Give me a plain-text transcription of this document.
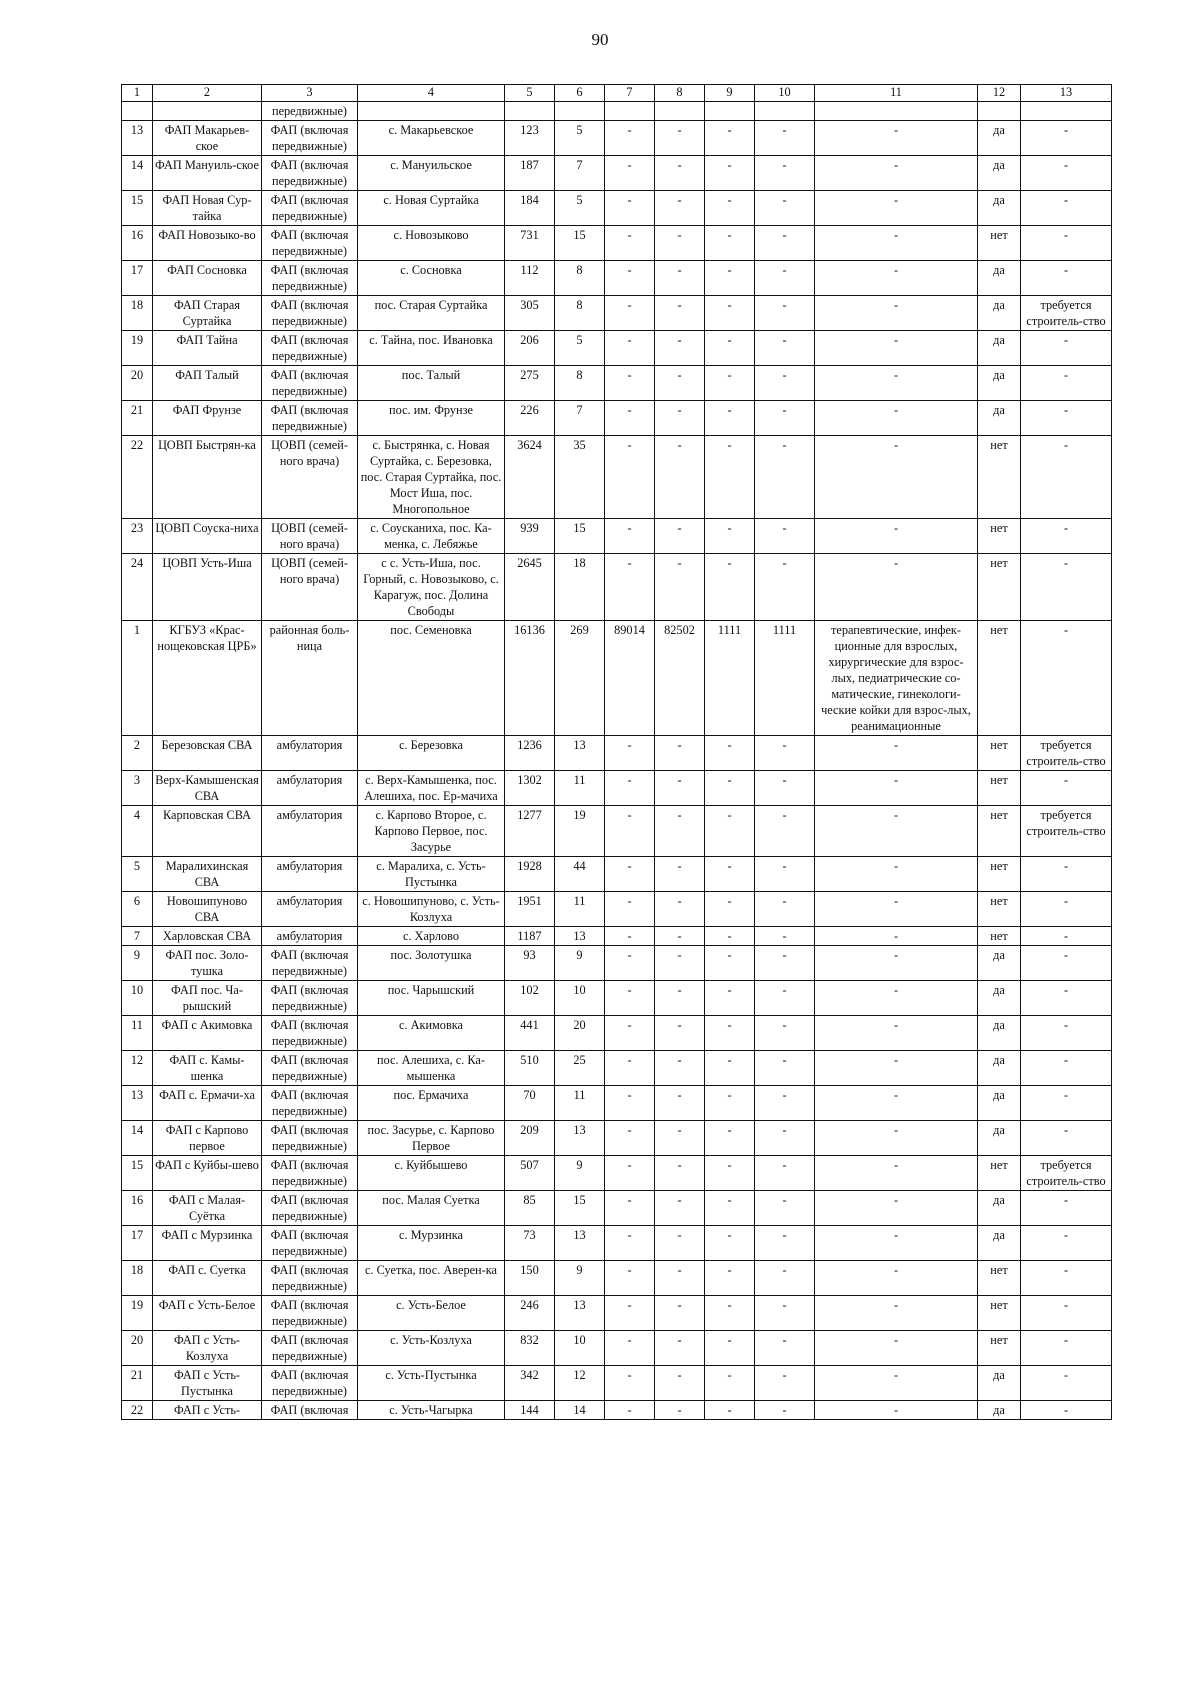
90
1	2	3	4	5	6	7	8	9	10	11	12	13
		передвижные)										
13	ФАП Макарьев-ское	ФАП (включая передвижные)	с. Макарьевское	123	5	-	-	-	-	-	да	-
14	ФАП Мануиль-ское	ФАП (включая передвижные)	с. Мануильское	187	7	-	-	-	-	-	да	-
15	ФАП Новая Сур-тайка	ФАП (включая передвижные)	с. Новая Суртайка	184	5	-	-	-	-	-	да	-
16	ФАП Новозыко-во	ФАП (включая передвижные)	с. Новозыково	731	15	-	-	-	-	-	нет	-
17	ФАП Сосновка	ФАП (включая передвижные)	с. Сосновка	112	8	-	-	-	-	-	да	-
18	ФАП Старая Суртайка	ФАП (включая передвижные)	пос. Старая Суртайка	305	8	-	-	-	-	-	да	требуется строитель-ство
19	ФАП Тайна	ФАП (включая передвижные)	с. Тайна, пос. Ивановка	206	5	-	-	-	-	-	да	-
20	ФАП Талый	ФАП (включая передвижные)	пос. Талый	275	8	-	-	-	-	-	да	-
21	ФАП Фрунзе	ФАП (включая передвижные)	пос. им. Фрунзе	226	7	-	-	-	-	-	да	-
22	ЦОВП Быстрян-ка	ЦОВП (семей-ного врача)	с. Быстрянка, с. Новая Суртайка, с. Березовка, пос. Старая Суртайка, пос. Мост Иша, пос. Многопольное	3624	35	-	-	-	-	-	нет	-
23	ЦОВП Соуска-ниха	ЦОВП (семей-ного врача)	с. Соусканиха, пос. Ка-менка, с. Лебяжье	939	15	-	-	-	-	-	нет	-
24	ЦОВП Усть-Иша	ЦОВП (семей-ного врача)	с с. Усть-Иша, пос. Горный, с. Новозыково, с. Карагуж, пос. Долина Свободы	2645	18	-	-	-	-	-	нет	-
1	КГБУЗ «Крас-нощековская ЦРБ»	районная боль-ница	пос. Семеновка	16136	269	89014	82502	1111	1111	терапевтические, инфек-ционные для взрослых, хирургические для взрос-лых, педиатрические со-матические, гинекологи-ческие койки для взрос-лых, реанимационные	нет	-
2	Березовская СВА	амбулатория	с. Березовка	1236	13	-	-	-	-	-	нет	требуется строитель-ство
3	Верх-Камышенская СВА	амбулатория	с. Верх-Камышенка, пос. Алешиха, пос. Ер-мачиха	1302	11	-	-	-	-	-	нет	-
4	Карповская СВА	амбулатория	с. Карпово Второе, с. Карпово Первое, пос. Засурье	1277	19	-	-	-	-	-	нет	требуется строитель-ство
5	Маралихинская СВА	амбулатория	с. Маралиха, с. Усть-Пустынка	1928	44	-	-	-	-	-	нет	-
6	Новошипуново СВА	амбулатория	с. Новошипуново, с. Усть-Козлуха	1951	11	-	-	-	-	-	нет	-
7	Харловская СВА	амбулатория	с. Харлово	1187	13	-	-	-	-	-	нет	-
9	ФАП пос. Золо-тушка	ФАП (включая передвижные)	пос. Золотушка	93	9	-	-	-	-	-	да	-
10	ФАП пос. Ча-рышский	ФАП (включая передвижные)	пос. Чарышский	102	10	-	-	-	-	-	да	-
11	ФАП с Акимовка	ФАП (включая передвижные)	с. Акимовка	441	20	-	-	-	-	-	да	-
12	ФАП с. Камы-шенка	ФАП (включая передвижные)	пос. Алешиха, с. Ка-мышенка	510	25	-	-	-	-	-	да	-
13	ФАП с. Ермачи-ха	ФАП (включая передвижные)	пос. Ермачиха	70	11	-	-	-	-	-	да	-
14	ФАП с Карпово первое	ФАП (включая передвижные)	пос. Засурье, с. Карпово Первое	209	13	-	-	-	-	-	да	-
15	ФАП с Куйбы-шево	ФАП (включая передвижные)	с. Куйбышево	507	9	-	-	-	-	-	нет	требуется строитель-ство
16	ФАП с Малая-Суётка	ФАП (включая передвижные)	пос. Малая Суетка	85	15	-	-	-	-	-	да	-
17	ФАП с Мурзинка	ФАП (включая передвижные)	с. Мурзинка	73	13	-	-	-	-	-	да	-
18	ФАП с. Суетка	ФАП (включая передвижные)	с. Суетка, пос. Аверен-ка	150	9	-	-	-	-	-	нет	-
19	ФАП с Усть-Белое	ФАП (включая передвижные)	с. Усть-Белое	246	13	-	-	-	-	-	нет	-
20	ФАП с Усть-Козлуха	ФАП (включая передвижные)	с. Усть-Козлуха	832	10	-	-	-	-	-	нет	-
21	ФАП с Усть-Пустынка	ФАП (включая передвижные)	с. Усть-Пустынка	342	12	-	-	-	-	-	да	-
22	ФАП с Усть-	ФАП (включая	с. Усть-Чагырка	144	14	-	-	-	-	-	да	-
